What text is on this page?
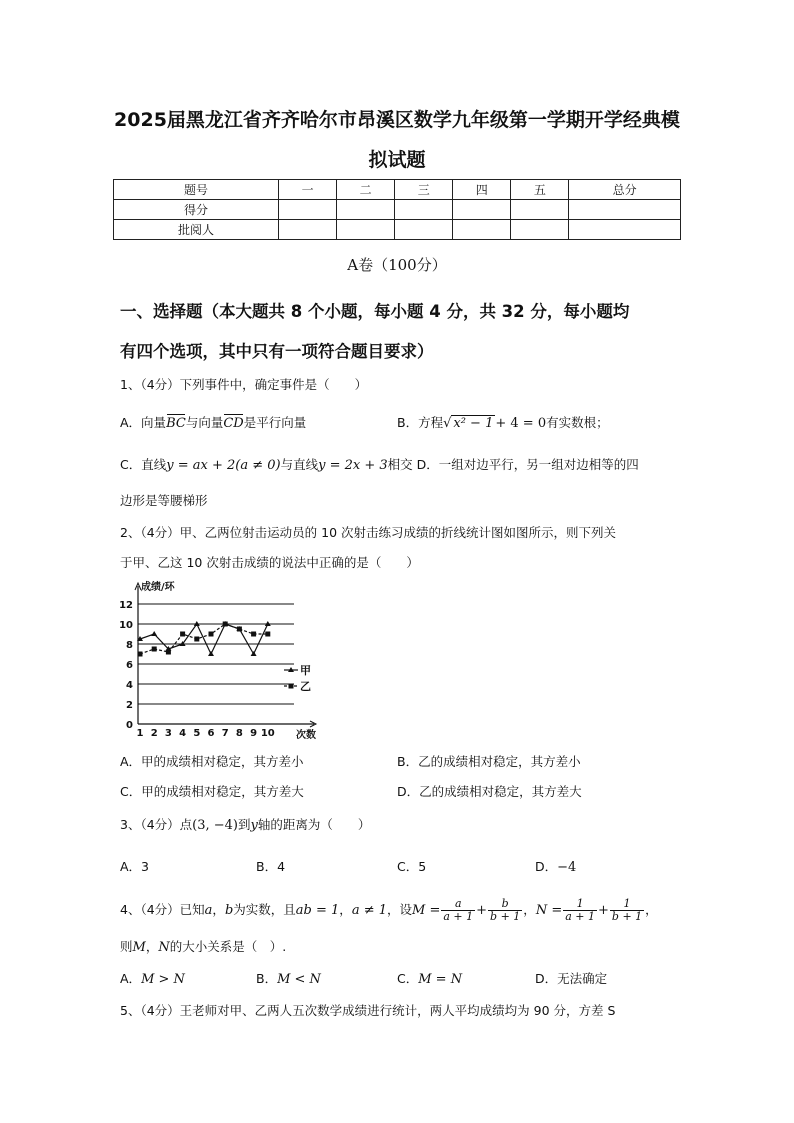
2025届黑龙江省齐齐哈尔市昂溪区数学九年级第一学期开学经典模
拟试题
题号	一	二	三	四	五	总分
得分						
批阅人						
A卷（100分）
一、选择题（本大题共 8 个小题，每小题 4 分，共 32 分，每小题均
有四个选项，其中只有一项符合题目要求）
1、（4分）下列事件中，确定事件是（　　）
A．向量BC与向量CD是平行向量	B．方程√ x² − 1 + 4 = 0有实数根；
C．直线y = ax + 2(a ≠ 0)与直线y = 2x + 3相交 D．一组对边平行，另一组对边相等的四
边形是等腰梯形
2、（4分）甲、乙两位射击运动员的 10 次射击练习成绩的折线统计图如图所示，则下列关
于甲、乙这 10 次射击成绩的说法中正确的是（　　）
0
2
4
6
8
10
12
成绩/环
次数
1 2 3 4 5 6 7 8 9 10
甲
乙
A．甲的成绩相对稳定，其方差小	B．乙的成绩相对稳定，其方差小
C．甲的成绩相对稳定，其方差大	D．乙的成绩相对稳定，其方差大
3、（4分）点(3, −4)到y轴的距离为（　　）
A．3	B．4	C．5	D．−4
4、（4分）已知a，b为实数，且ab = 1，a ≠ 1，设$M = \frac{a}{a + 1} + \frac{b}{b + 1}$ ，$N = \frac{1}{a + 1} + \frac{1}{b + 1}$ ，
则M，N的大小关系是（　）.
A．M > N	B．M < N	C．M = N	D．无法确定
5、（4分）王老师对甲、乙两人五次数学成绩进行统计，两人平均成绩均为 90 分，方差 S
